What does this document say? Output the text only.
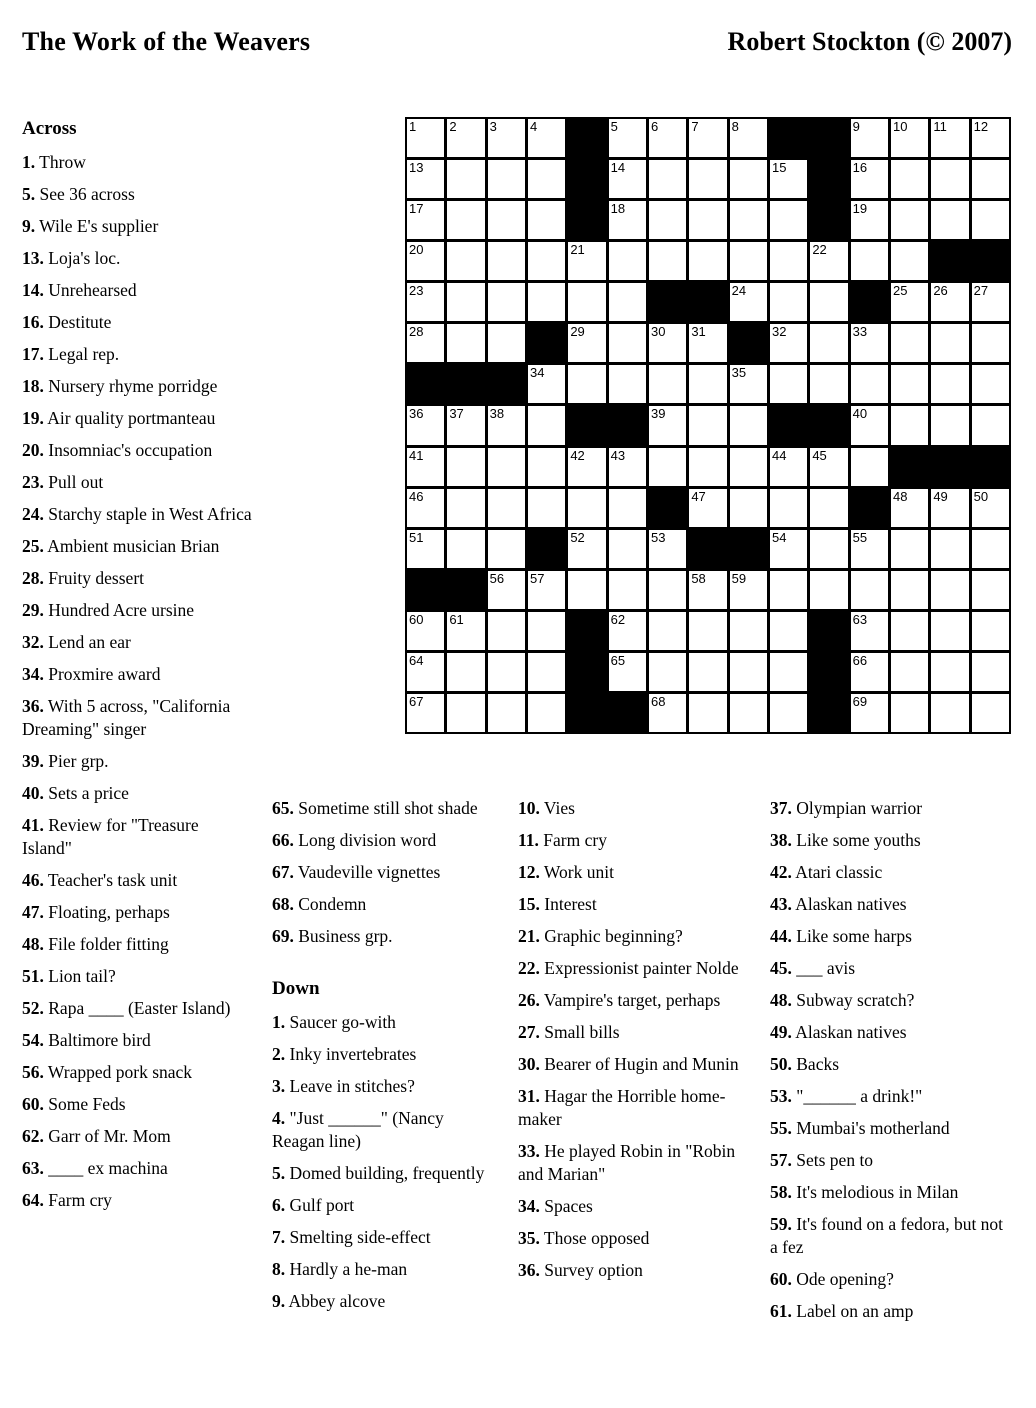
The Work of the Weavers	Robert Stockton (© 2007)
1	2	3	4	5	6	7	8	9	10 11 12
13	14	15	16
17	18	19
20	21	22
23	24	25 26 27
28	29	30 31	32	33
34	35
36 37 38	39	40
41	42 43	44 45
46	47	48 49 50
51	52	53	54	55
56 57	58 59
60 61	62	63
64	65	66
67	68	69
Across

1. Throw

5. See 36 across

9. Wile E's supplier

13. Loja's loc.

14. Unrehearsed

16. Destitute

17. Legal rep.

18. Nursery rhyme porridge

19. Air quality portmanteau

20. Insomniac's occupation

23. Pull out

24. Starchy staple in West Africa

25. Ambient musician Brian

28. Fruity dessert

29. Hundred Acre ursine

32. Lend an ear

34. Proxmire award

36. With 5 across, "California Dreaming" singer

39. Pier grp.

40. Sets a price

41. Review for "Treasure Island"

46. Teacher's task unit

47. Floating, perhaps

48. File folder fitting

51. Lion tail?

52. Rapa ____ (Easter Island)

54. Baltimore bird

56. Wrapped pork snack

60. Some Feds

62. Garr of Mr. Mom

63. ____ ex machina

64. Farm cry

65. Sometime still shot shade

66. Long division word

67. Vaudeville vignettes

68. Condemn

69. Business grp.

Down

1. Saucer go-with

2. Inky invertebrates

3. Leave in stitches?

4. "Just ______" (Nancy Reagan line)

5. Domed building, frequently

6. Gulf port

7. Smelting side-effect

8. Hardly a he-man

9. Abbey alcove

10. Vies

11. Farm cry

12. Work unit

15. Interest

21. Graphic beginning?

22. Expressionist painter Nolde

26. Vampire's target, perhaps

27. Small bills

30. Bearer of Hugin and Munin

31. Hagar the Horrible home-maker

33. He played Robin in "Robin and Marian"

34. Spaces

35. Those opposed

36. Survey option

37. Olympian warrior

38. Like some youths

42. Atari classic

43. Alaskan natives

44. Like some harps

45. ___ avis

48. Subway scratch?

49. Alaskan natives

50. Backs

53. "______ a drink!"

55. Mumbai's motherland

57. Sets pen to

58. It's melodious in Milan

59. It's found on a fedora, but not a fez

60. Ode opening?

61. Label on an amp
